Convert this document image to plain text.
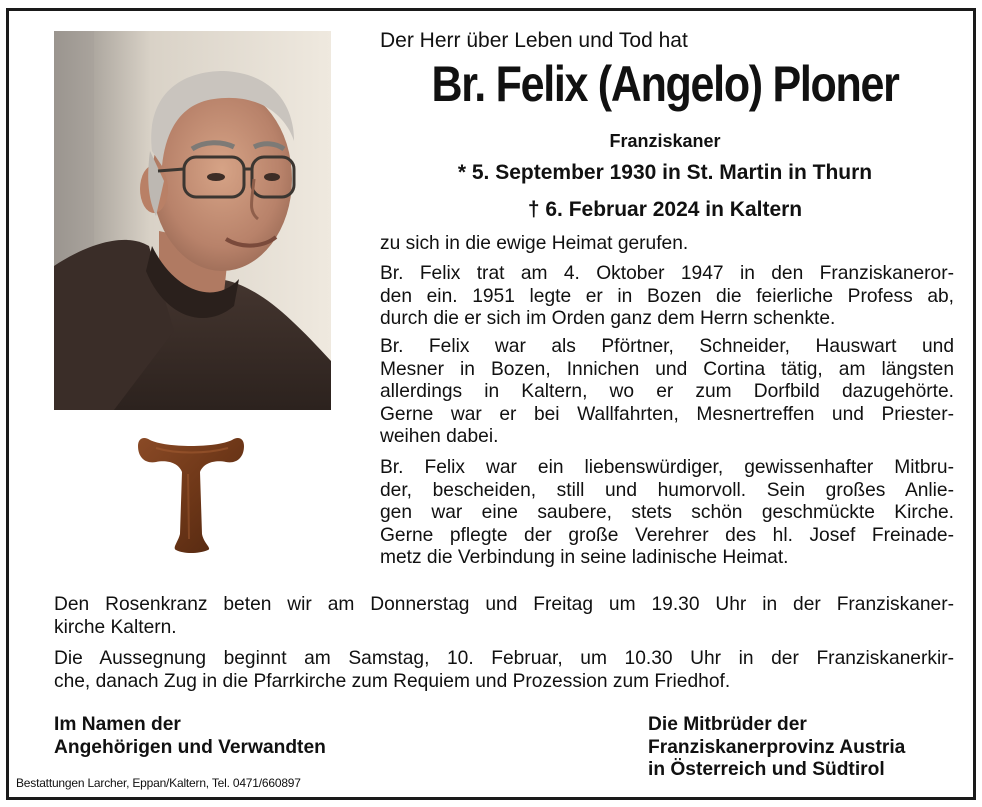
Der Herr über Leben und Tod hat
Br. Felix (Angelo) Ploner
Franziskaner
* 5. September 1930 in St. Martin in Thurn
† 6. Februar 2024 in Kaltern
zu sich in die ewige Heimat gerufen.
Br. Felix trat am 4. Oktober 1947 in den Franziskaneror-
den ein. 1951 legte er in Bozen die feierliche Profess ab,
durch die er sich im Orden ganz dem Herrn schenkte.
Br. Felix war als Pförtner, Schneider, Hauswart und
Mesner in Bozen, Innichen und Cortina tätig, am längsten
allerdings in Kaltern, wo er zum Dorfbild dazugehörte.
Gerne war er bei Wallfahrten, Mesnertreffen und Priester-
weihen dabei.
Br. Felix war ein liebenswürdiger, gewissenhafter Mitbru-
der, bescheiden, still und humorvoll. Sein großes Anlie-
gen war eine saubere, stets schön geschmückte Kirche.
Gerne pflegte der große Verehrer des hl. Josef Freinade-
metz die Verbindung in seine ladinische Heimat.
Den Rosenkranz beten wir am Donnerstag und Freitag um 19.30 Uhr in der Franziskaner-
kirche Kaltern.
Die Aussegnung beginnt am Samstag, 10. Februar, um 10.30 Uhr in der Franziskanerkir-
che, danach Zug in die Pfarrkirche zum Requiem und Prozession zum Friedhof.
Im Namen der
Angehörigen und Verwandten
Die Mitbrüder der
Franziskanerprovinz Austria
in Österreich und Südtirol
Bestattungen Larcher, Eppan/Kaltern, Tel. 0471/660897
